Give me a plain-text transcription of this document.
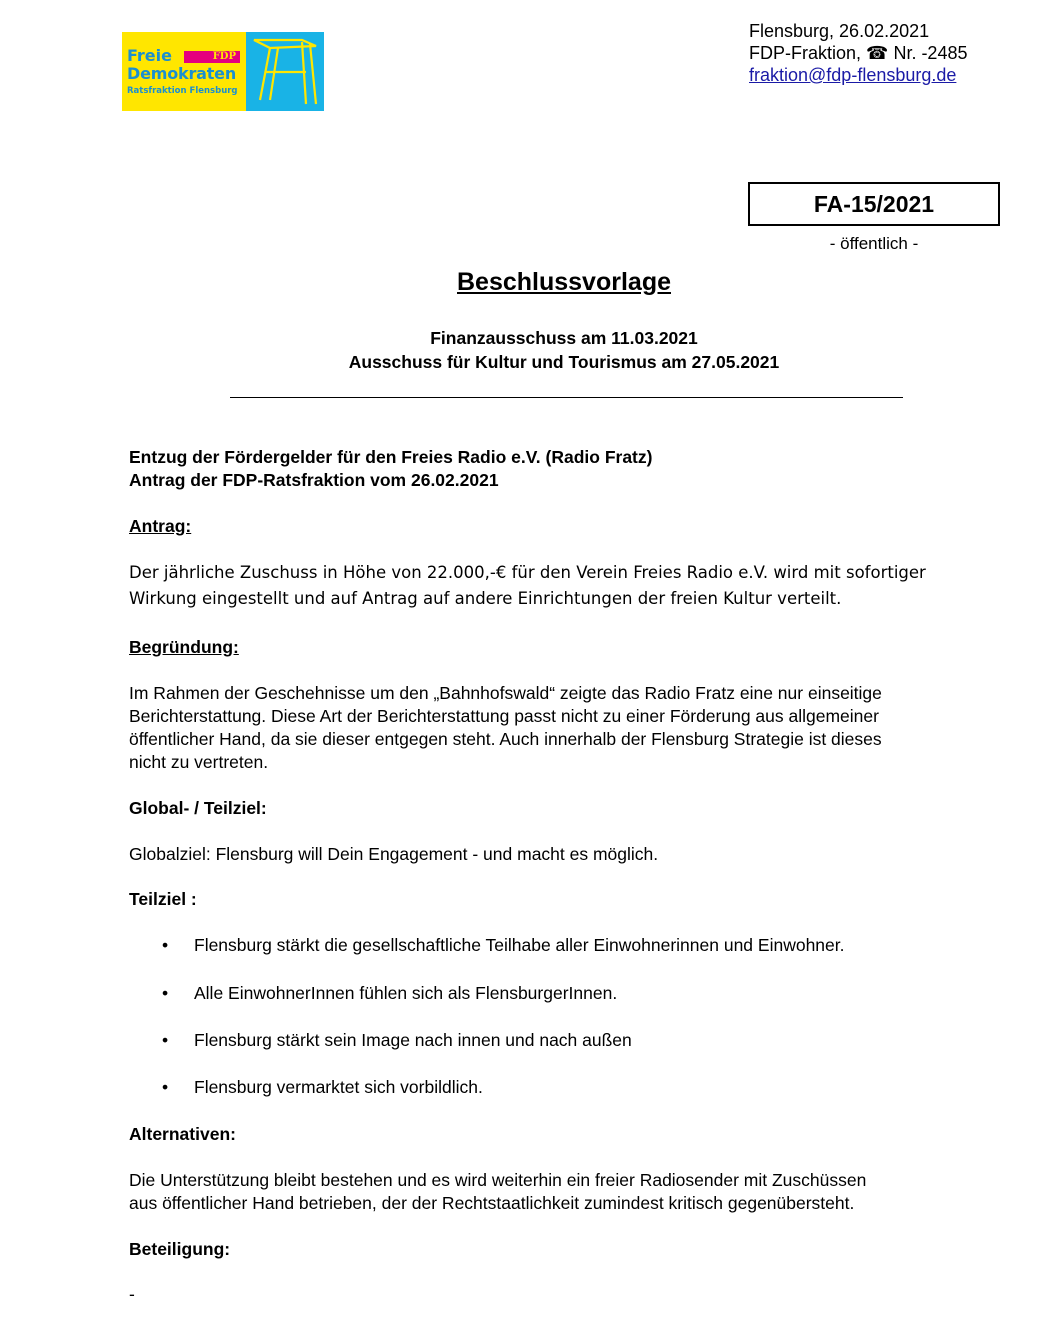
FDP
Freie
Demokraten
Ratsfraktion Flensburg
Flensburg, 26.02.2021
FDP-Fraktion, ☎ Nr. -2485
fraktion@fdp-flensburg.de
FA-15/2021
- öffentlich -
Beschlussvorlage
Finanzausschuss am 11.03.2021
Ausschuss für Kultur und Tourismus am 27.05.2021
Entzug der Fördergelder für den Freies Radio e.V. (Radio Fratz)
Antrag der FDP-Ratsfraktion vom 26.02.2021
Antrag:
Der jährliche Zuschuss in Höhe von 22.000,-€ für den Verein Freies Radio e.V. wird mit sofortiger
Wirkung eingestellt und auf Antrag auf andere Einrichtungen der freien Kultur verteilt.
Begründung:
Im Rahmen der Geschehnisse um den „Bahnhofswald“ zeigte das Radio Fratz eine nur einseitige
Berichterstattung. Diese Art der Berichterstattung passt nicht zu einer Förderung aus allgemeiner
öffentlicher Hand, da sie dieser entgegen steht. Auch innerhalb der Flensburg Strategie ist dieses
nicht zu vertreten.
Global- / Teilziel:
Globalziel: Flensburg will Dein Engagement - und macht es möglich.
Teilziel :
• Flensburg stärkt die gesellschaftliche Teilhabe aller Einwohnerinnen und Einwohner.
• Alle EinwohnerInnen fühlen sich als FlensburgerInnen.
• Flensburg stärkt sein Image nach innen und nach außen
• Flensburg vermarktet sich vorbildlich.
Alternativen:
Die Unterstützung bleibt bestehen und es wird weiterhin ein freier Radiosender mit Zuschüssen
aus öffentlicher Hand betrieben, der der Rechtstaatlichkeit zumindest kritisch gegenübersteht.
Beteiligung:
-
